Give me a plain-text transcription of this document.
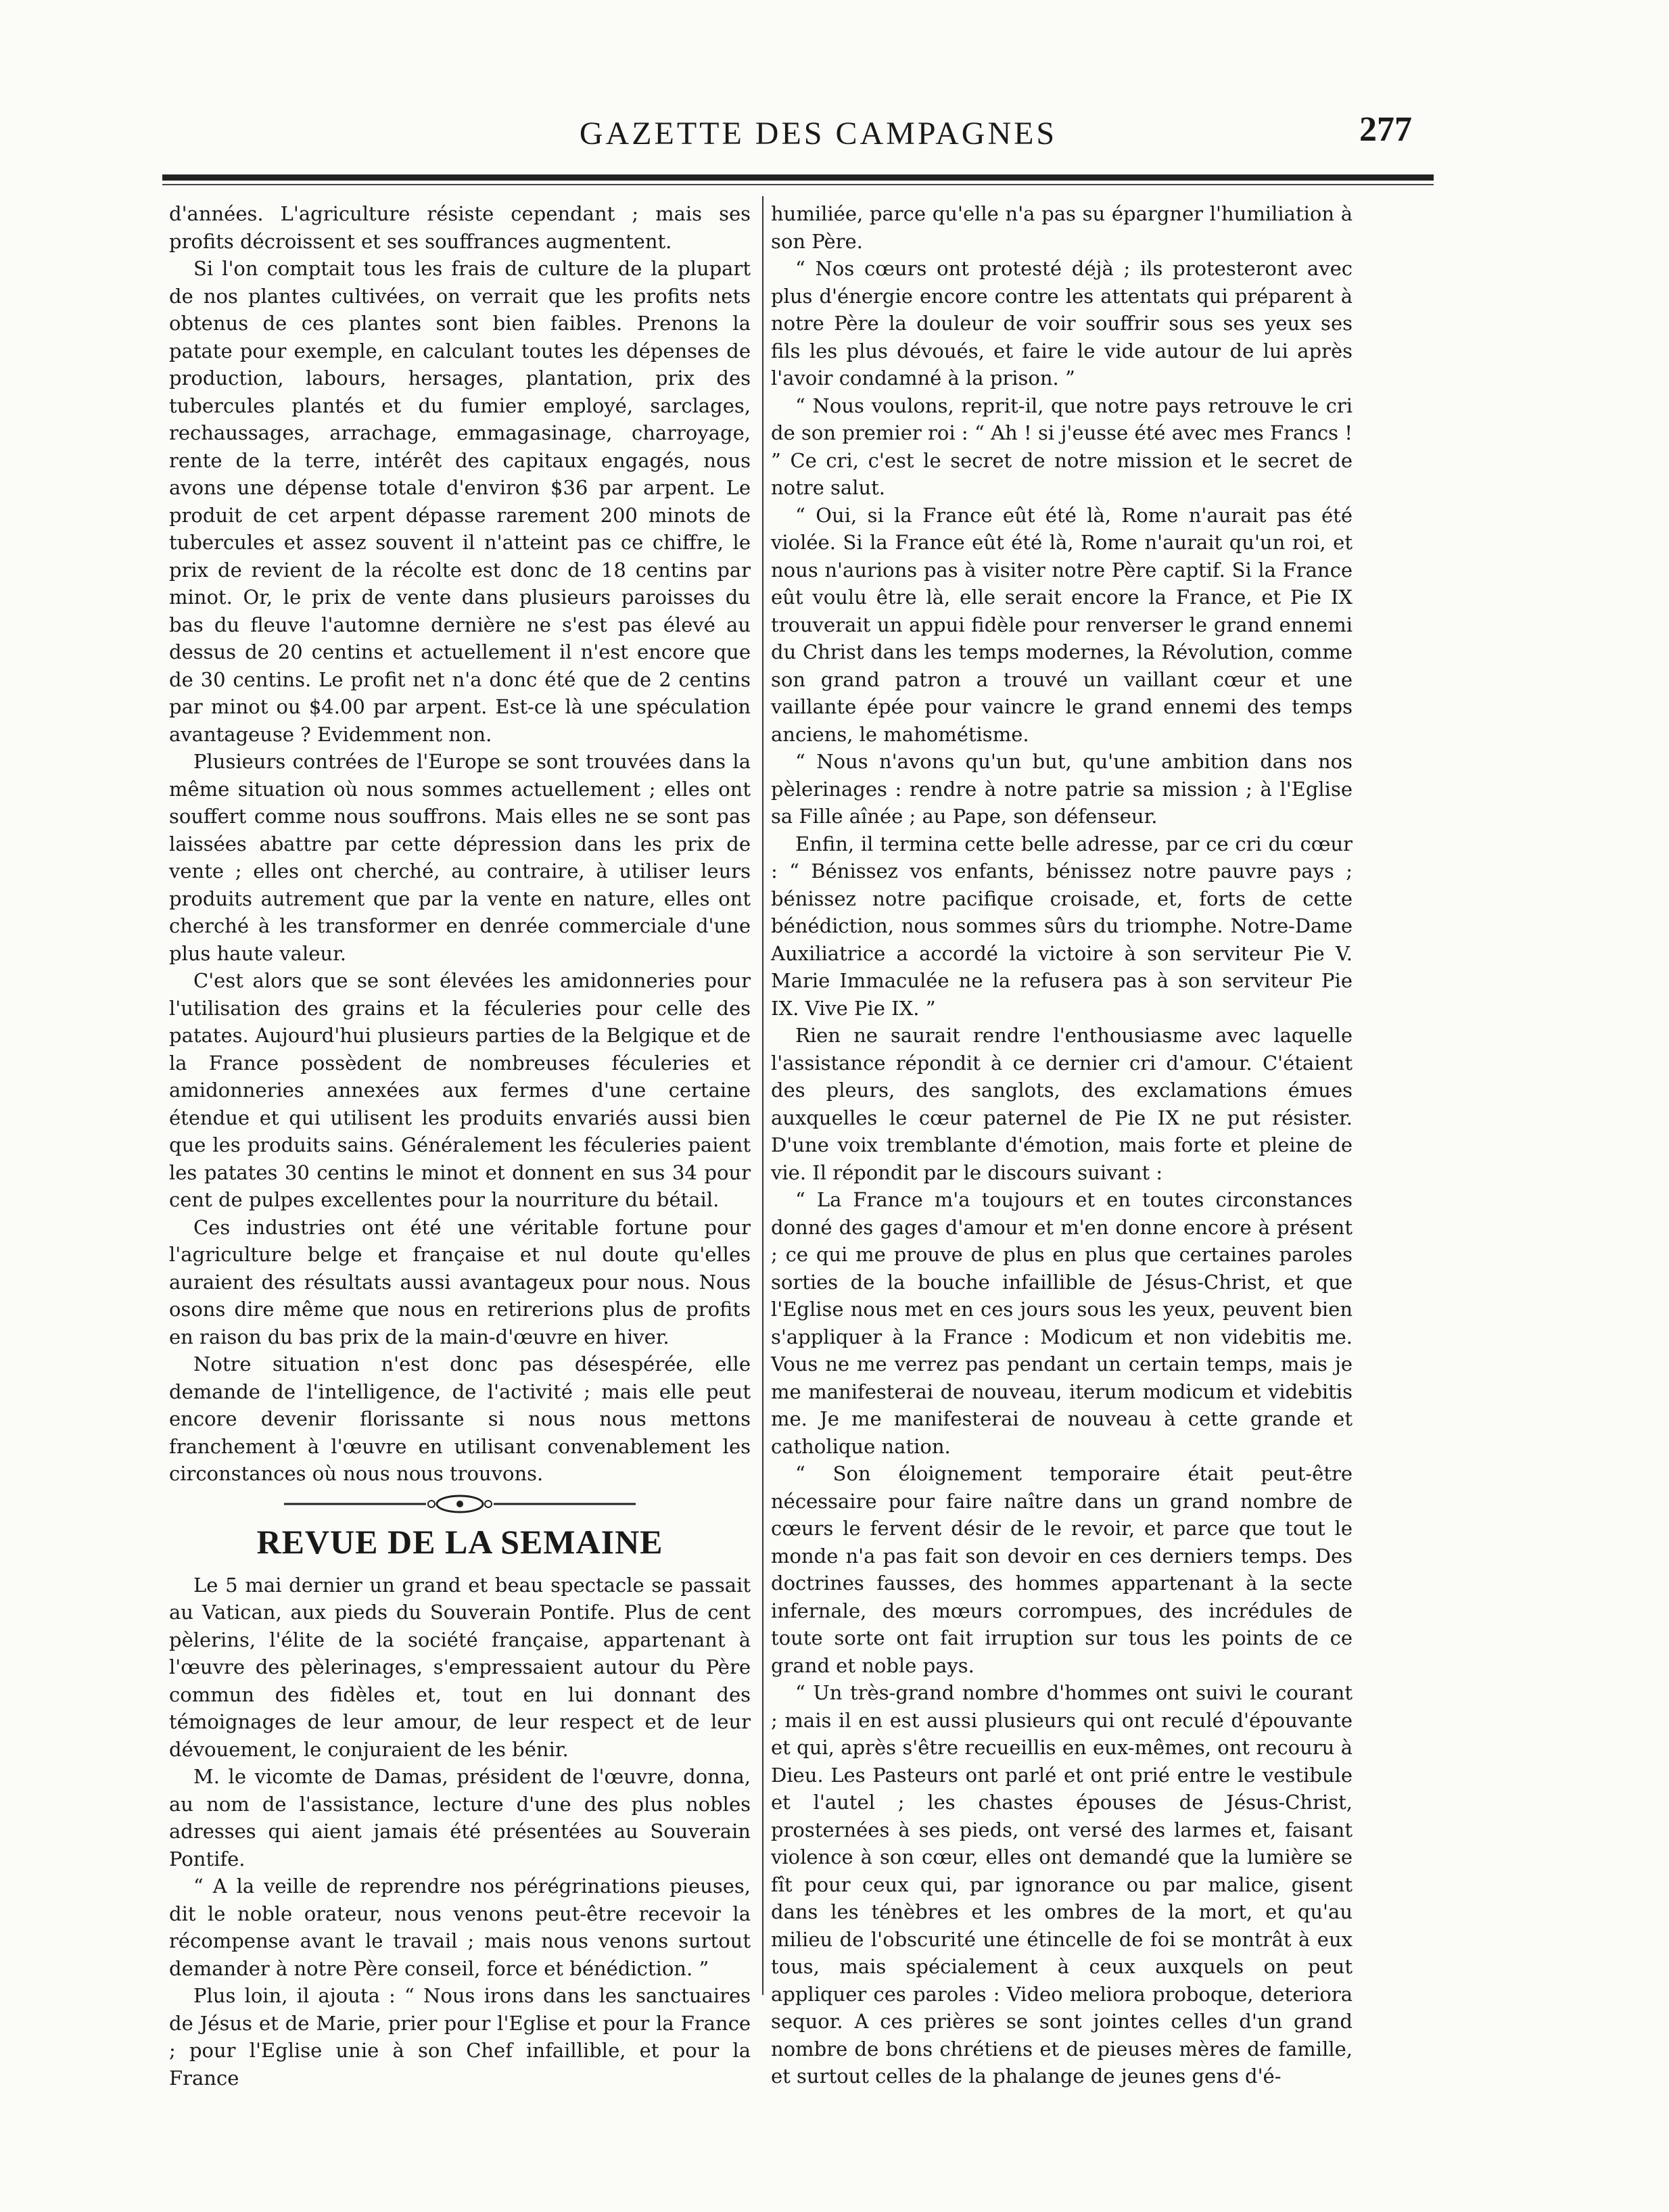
GAZETTE DES CAMPAGNES	277

d'années. L'agriculture résiste cependant ; mais ses profits décroissent et ses souffrances augmentent.

Si l'on comptait tous les frais de culture de la plupart de nos plantes cultivées, on verrait que les profits nets obtenus de ces plantes sont bien faibles. Prenons la patate pour exemple, en calculant toutes les dépenses de production, labours, hersages, plantation, prix des tubercules plantés et du fumier employé, sarclages, rechaussages, arrachage, emmagasinage, charroyage, rente de la terre, intérêt des capitaux engagés, nous avons une dépense totale d'environ $36 par arpent. Le produit de cet arpent dépasse rarement 200 minots de tubercules et assez souvent il n'atteint pas ce chiffre, le prix de revient de la récolte est donc de 18 centins par minot. Or, le prix de vente dans plusieurs paroisses du bas du fleuve l'automne dernière ne s'est pas élevé au dessus de 20 centins et actuellement il n'est encore que de 30 centins. Le profit net n'a donc été que de 2 centins par minot ou $4.00 par arpent. Est-ce là une spéculation avantageuse ? Evidemment non.

Plusieurs contrées de l'Europe se sont trouvées dans la même situation où nous sommes actuellement ; elles ont souffert comme nous souffrons. Mais elles ne se sont pas laissées abattre par cette dépression dans les prix de vente ; elles ont cherché, au contraire, à utiliser leurs produits autrement que par la vente en nature, elles ont cherché à les transformer en denrée commerciale d'une plus haute valeur.

C'est alors que se sont élevées les amidonneries pour l'utilisation des grains et la féculeries pour celle des patates. Aujourd'hui plusieurs parties de la Belgique et de la France possèdent de nombreuses féculeries et amidonneries annexées aux fermes d'une certaine étendue et qui utilisent les produits envariés aussi bien que les produits sains. Généralement les féculeries paient les patates 30 centins le minot et donnent en sus 34 pour cent de pulpes excellentes pour la nourriture du bétail.

Ces industries ont été une véritable fortune pour l'agriculture belge et française et nul doute qu'elles auraient des résultats aussi avantageux pour nous. Nous osons dire même que nous en retirerions plus de profits en raison du bas prix de la main-d'œuvre en hiver.

Notre situation n'est donc pas désespérée, elle demande de l'intelligence, de l'activité ; mais elle peut encore devenir florissante si nous nous mettons franchement à l'œuvre en utilisant convenablement les circonstances où nous nous trouvons.

REVUE DE LA SEMAINE

Le 5 mai dernier un grand et beau spectacle se passait au Vatican, aux pieds du Souverain Pontife. Plus de cent pèlerins, l'élite de la société française, appartenant à l'œuvre des pèlerinages, s'empressaient autour du Père commun des fidèles et, tout en lui donnant des témoignages de leur amour, de leur respect et de leur dévouement, le conjuraient de les bénir.

M. le vicomte de Damas, président de l'œuvre, donna, au nom de l'assistance, lecture d'une des plus nobles adresses qui aient jamais été présentées au Souverain Pontife.

“ A la veille de reprendre nos pérégrinations pieuses, dit le noble orateur, nous venons peut-être recevoir la récompense avant le travail ; mais nous venons surtout demander à notre Père conseil, force et bénédiction. ”

Plus loin, il ajouta : “ Nous irons dans les sanctuaires de Jésus et de Marie, prier pour l'Eglise et pour la France ; pour l'Eglise unie à son Chef infaillible, et pour la France

humiliée, parce qu'elle n'a pas su épargner l'humiliation à son Père.

“ Nos cœurs ont protesté déjà ; ils protesteront avec plus d'énergie encore contre les attentats qui préparent à notre Père la douleur de voir souffrir sous ses yeux ses fils les plus dévoués, et faire le vide autour de lui après l'avoir condamné à la prison. ”

“ Nous voulons, reprit-il, que notre pays retrouve le cri de son premier roi : “ Ah ! si j'eusse été avec mes Francs ! ” Ce cri, c'est le secret de notre mission et le secret de notre salut.

“ Oui, si la France eût été là, Rome n'aurait pas été violée. Si la France eût été là, Rome n'aurait qu'un roi, et nous n'aurions pas à visiter notre Père captif. Si la France eût voulu être là, elle serait encore la France, et Pie IX trouverait un appui fidèle pour renverser le grand ennemi du Christ dans les temps modernes, la Révolution, comme son grand patron a trouvé un vaillant cœur et une vaillante épée pour vaincre le grand ennemi des temps anciens, le mahométisme.

“ Nous n'avons qu'un but, qu'une ambition dans nos pèlerinages : rendre à notre patrie sa mission ; à l'Eglise sa Fille aînée ; au Pape, son défenseur.

Enfin, il termina cette belle adresse, par ce cri du cœur : “ Bénissez vos enfants, bénissez notre pauvre pays ; bénissez notre pacifique croisade, et, forts de cette bénédiction, nous sommes sûrs du triomphe. Notre-Dame Auxiliatrice a accordé la victoire à son serviteur Pie V. Marie Immaculée ne la refusera pas à son serviteur Pie IX. Vive Pie IX. ”

Rien ne saurait rendre l'enthousiasme avec laquelle l'assistance répondit à ce dernier cri d'amour. C'étaient des pleurs, des sanglots, des exclamations émues auxquelles le cœur paternel de Pie IX ne put résister. D'une voix tremblante d'émotion, mais forte et pleine de vie. Il répondit par le discours suivant :

“ La France m'a toujours et en toutes circonstances donné des gages d'amour et m'en donne encore à présent ; ce qui me prouve de plus en plus que certaines paroles sorties de la bouche infaillible de Jésus-Christ, et que l'Eglise nous met en ces jours sous les yeux, peuvent bien s'appliquer à la France : Modicum et non videbitis me. Vous ne me verrez pas pendant un certain temps, mais je me manifesterai de nouveau, iterum modicum et videbitis me. Je me manifesterai de nouveau à cette grande et catholique nation.

“ Son éloignement temporaire était peut-être nécessaire pour faire naître dans un grand nombre de cœurs le fervent désir de le revoir, et parce que tout le monde n'a pas fait son devoir en ces derniers temps. Des doctrines fausses, des hommes appartenant à la secte infernale, des mœurs corrompues, des incrédules de toute sorte ont fait irruption sur tous les points de ce grand et noble pays.

“ Un très-grand nombre d'hommes ont suivi le courant ; mais il en est aussi plusieurs qui ont reculé d'épouvante et qui, après s'être recueillis en eux-mêmes, ont recouru à Dieu. Les Pasteurs ont parlé et ont prié entre le vestibule et l'autel ; les chastes épouses de Jésus-Christ, prosternées à ses pieds, ont versé des larmes et, faisant violence à son cœur, elles ont demandé que la lumière se fît pour ceux qui, par ignorance ou par malice, gisent dans les ténèbres et les ombres de la mort, et qu'au milieu de l'obscurité une étincelle de foi se montrât à eux tous, mais spécialement à ceux auxquels on peut appliquer ces paroles : Video meliora proboque, deteriora sequor. A ces prières se sont jointes celles d'un grand nombre de bons chrétiens et de pieuses mères de famille, et surtout celles de la phalange de jeunes gens d'é-
